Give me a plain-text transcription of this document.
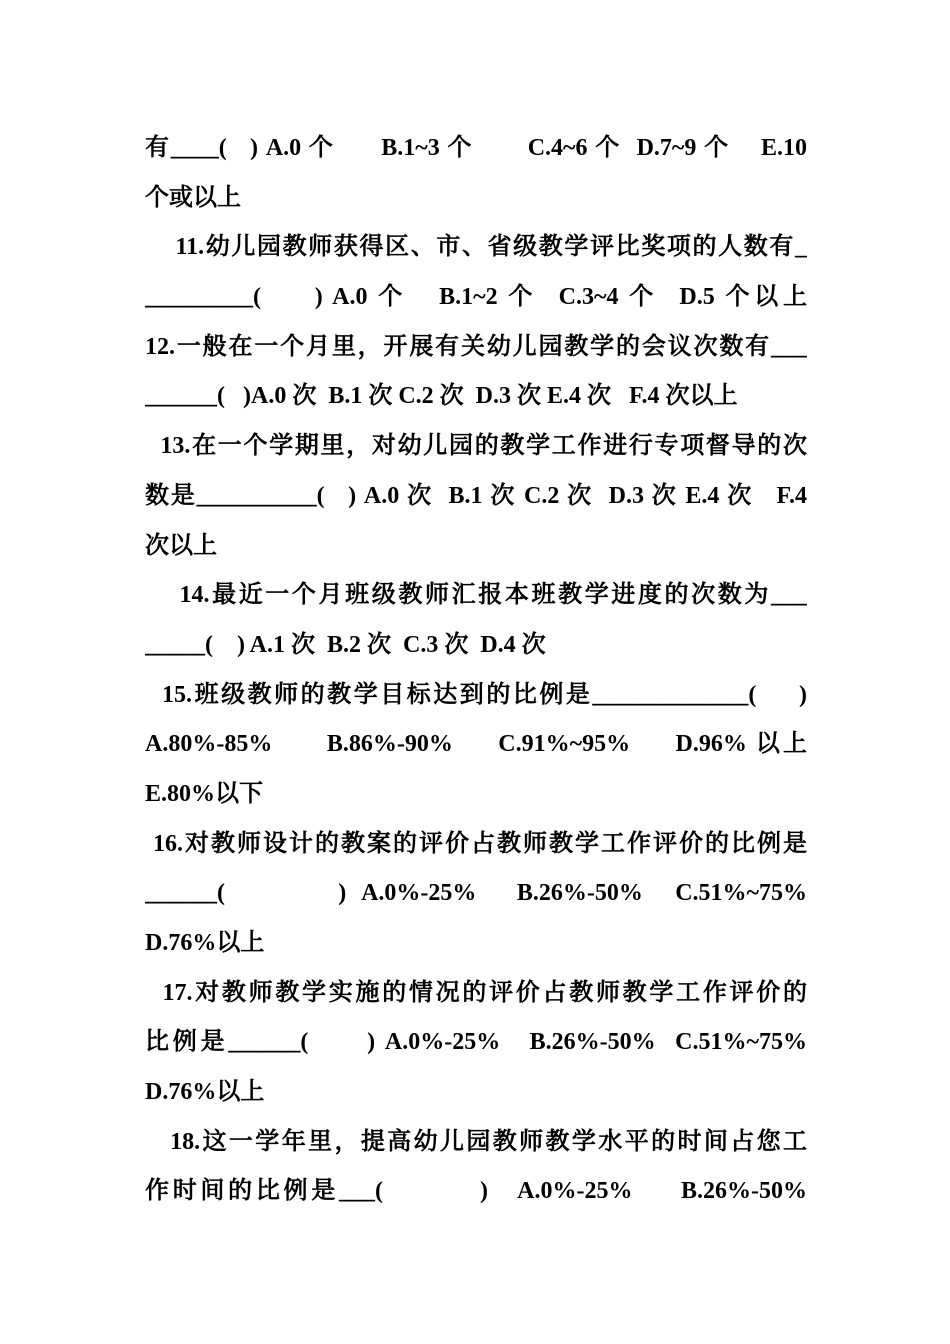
有____(   ) A.0 个      B.1~3 个       C.4~6 个  D.7~9 个    E.10
个或以上
11.幼儿园教师获得区、市、省级教学评比奖项的人数有_
_________(     ) A.0 个   B.1~2 个  C.3~4 个  D.5 个以上
12.一般在一个月里，开展有关幼儿园教学的会议次数有___
______(   )A.0 次  B.1 次 C.2 次  D.3 次 E.4 次   F.4 次以上
13.在一个学期里，对幼儿园的教学工作进行专项督导的次
数是__________(   ) A.0 次  B.1 次 C.2 次  D.3 次 E.4 次   F.4
次以上
14.最近一个月班级教师汇报本班教学进度的次数为___
_____(    ) A.1 次  B.2 次  C.3 次  D.4 次
15.班级教师的教学目标达到的比例是_____________(     )
A.80%-85%      B.86%-90%     C.91%~95%     D.96% 以上
E.80%以下
16.对教师设计的教案的评价占教师教学工作评价的比例是
______(              )  A.0%-25%     B.26%-50%    C.51%~75%
D.76%以上
17.对教师教学实施的情况的评价占教师教学工作评价的
比例是______(      ) A.0%-25%   B.26%-50%  C.51%~75%
D.76%以上
18.这一学年里，提高幼儿园教师教学水平的时间占您工
作时间的比例是___(          )   A.0%-25%     B.26%-50%
